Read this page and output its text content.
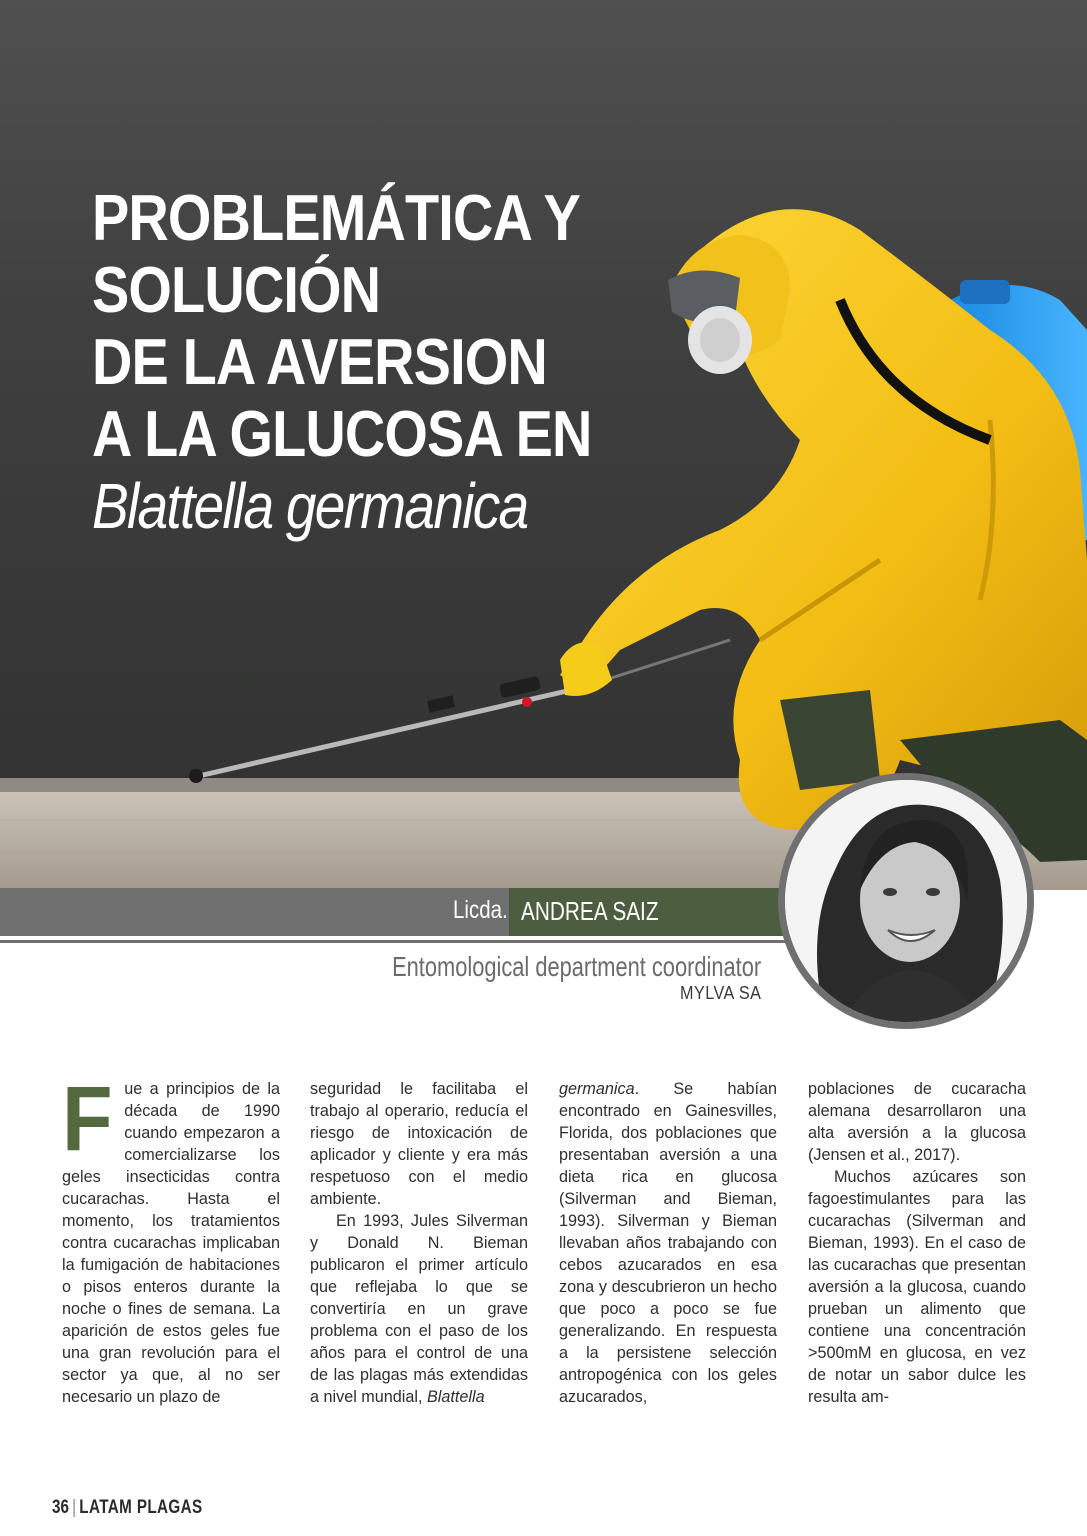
PROBLEMÁTICA Y
SOLUCIÓN
DE LA AVERSION
A LA GLUCOSA EN
Blattella germanica
Licda. ANDREA SAIZ
Entomological department coordinator
MYLVA SA

Fue a principios de la década de 1990 cuando empezaron a comercializarse los geles insecticidas contra cucarachas. Hasta el momento, los tratamientos contra cucarachas implicaban la fumigación de habitaciones o pisos enteros durante la noche o fines de semana. La aparición de estos geles fue una gran revolución para el sector ya que, al no ser necesario un plazo de

seguridad le facilitaba el trabajo al operario, reducía el riesgo de intoxicación de aplicador y cliente y era más respetuoso con el medio ambiente.

En 1993, Jules Silverman y Donald N. Bieman publicaron el primer artículo que reflejaba lo que se convertiría en un grave problema con el paso de los años para el control de una de las plagas más extendidas a nivel mundial, Blattella

germanica. Se habían encontrado en Gainesvilles, Florida, dos poblaciones que presentaban aversión a una dieta rica en glucosa (Silverman and Bieman, 1993). Silverman y Bieman llevaban años trabajando con cebos azucarados en esa zona y descubrieron un hecho que poco a poco se fue generalizando. En respuesta a la persistene selección antropogénica con los geles azucarados,

poblaciones de cucaracha alemana desarrollaron una alta aversión a la glucosa (Jensen et al., 2017).

Muchos azúcares son fagoestimulantes para las cucarachas (Silverman and Bieman, 1993). En el caso de las cucarachas que presentan aversión a la glucosa, cuando prueban un alimento que contiene una concentración >500mM en glucosa, en vez de notar un sabor dulce les resulta am-

36 | LATAM PLAGAS
